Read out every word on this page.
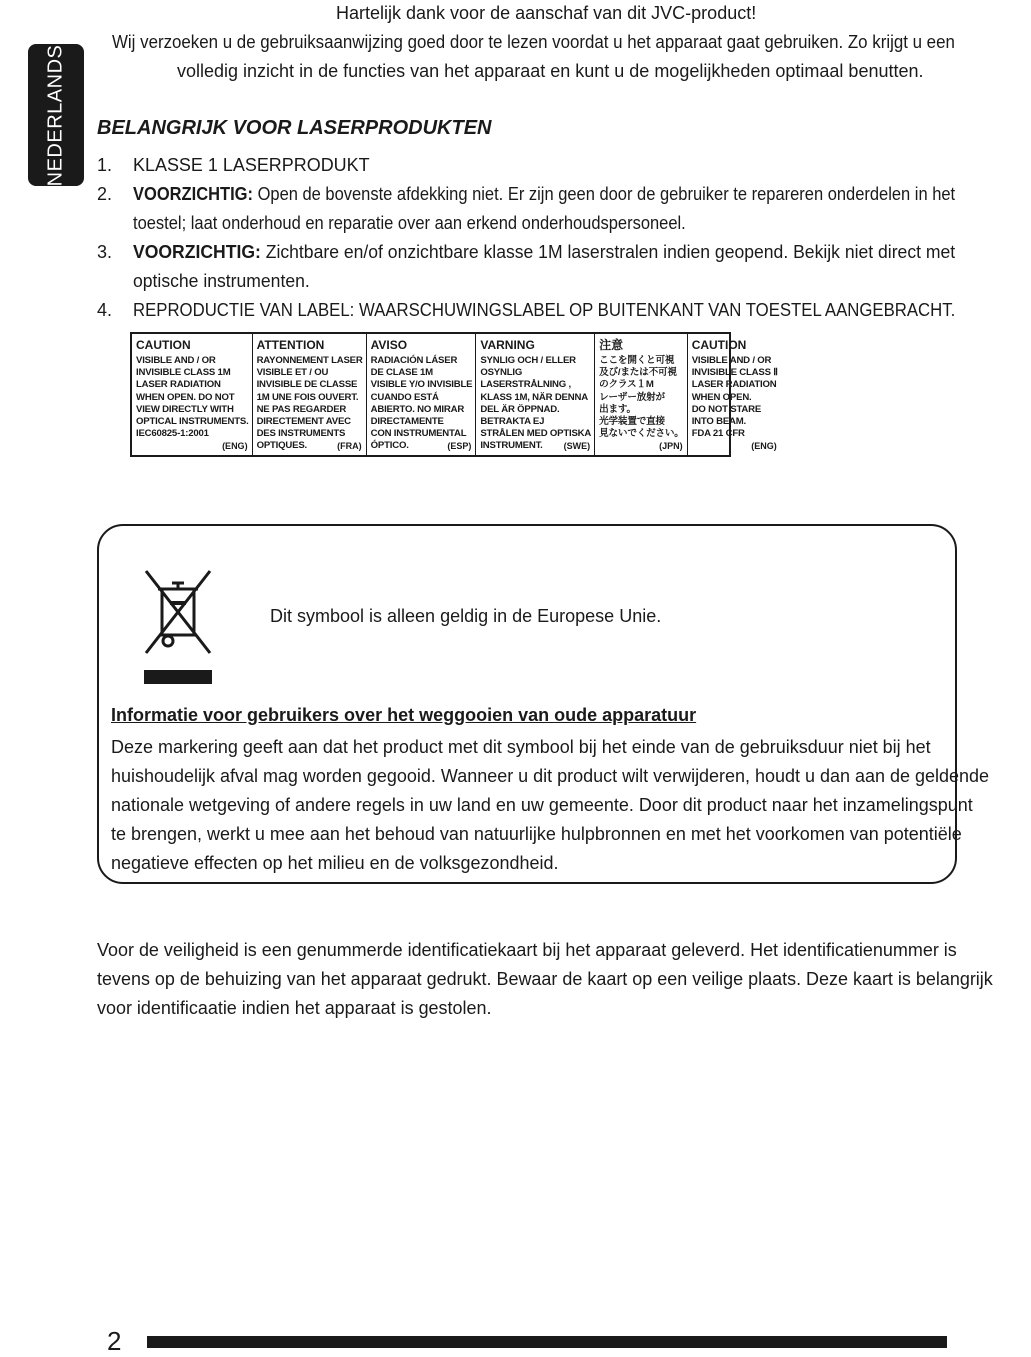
NEDERLANDS
Hartelijk dank voor de aanschaf van dit JVC-product!
Wij verzoeken u de gebruiksaanwijzing goed door te lezen voordat u het apparaat gaat gebruiken. Zo krijgt u een
volledig inzicht in de functies van het apparaat en kunt u de mogelijkheden optimaal benutten.
BELANGRIJK VOOR LASERPRODUKTEN
1.	KLASSE 1 LASERPRODUKT
2.	VOORZICHTIG: Open de bovenste afdekking niet. Er zijn geen door de gebruiker te repareren onderdelen in het
toestel; laat onderhoud en reparatie over aan erkend onderhoudspersoneel.
3.	VOORZICHTIG: Zichtbare en/of onzichtbare klasse 1M laserstralen indien geopend. Bekijk niet direct met
optische instrumenten.
4.	REPRODUCTIE VAN LABEL: WAARSCHUWINGSLABEL OP BUITENKANT VAN TOESTEL AANGEBRACHT.
CAUTION
VISIBLE AND / OR
INVISIBLE CLASS 1M
LASER RADIATION
WHEN OPEN. DO NOT
VIEW DIRECTLY WITH
OPTICAL INSTRUMENTS.
IEC60825-1:2001
(ENG)
ATTENTION
RAYONNEMENT LASER
VISIBLE ET / OU
INVISIBLE DE CLASSE
1M UNE FOIS OUVERT.
NE PAS REGARDER
DIRECTEMENT AVEC
DES INSTRUMENTS
OPTIQUES.	(FRA)
AVISO
RADIACIÓN LÁSER
DE CLASE 1M
VISIBLE Y/O INVISIBLE
CUANDO ESTÁ
ABIERTO. NO MIRAR
DIRECTAMENTE
CON INSTRUMENTAL
ÓPTICO.	(ESP)
VARNING
SYNLIG OCH / ELLER
OSYNLIG
LASERSTRÅLNING ,
KLASS 1M, NÄR DENNA
DEL ÄR ÖPPNAD.
BETRAKTA EJ
STRÅLEN MED OPTISKA
INSTRUMENT.	(SWE)
注意
ここを開くと可視
及び/または不可視
のクラス１M
レーザー放射が
出ます。
光学装置で直接
見ないでください。
(JPN)
CAUTION
VISIBLE AND / OR
INVISIBLE CLASS Ⅱ
LASER RADIATION
WHEN OPEN.
DO NOT STARE
INTO BEAM.
FDA 21 CFR
(ENG)
Dit symbool is alleen geldig in de Europese Unie.
Informatie voor gebruikers over het weggooien van oude apparatuur
Deze markering geeft aan dat het product met dit symbool bij het einde van de gebruiksduur niet bij het
huishoudelijk afval mag worden gegooid. Wanneer u dit product wilt verwijderen, houdt u dan aan de geldende
nationale wetgeving of andere regels in uw land en uw gemeente. Door dit product naar het inzamelingspunt
te brengen, werkt u mee aan het behoud van natuurlijke hulpbronnen en met het voorkomen van potentiële
negatieve effecten op het milieu en de volksgezondheid.
Voor de veiligheid is een genummerde identificatiekaart bij het apparaat geleverd. Het identificatienummer is
tevens op de behuizing van het apparaat gedrukt. Bewaar de kaart op een veilige plaats. Deze kaart is belangrijk
voor identificaatie indien het apparaat is gestolen.
2
